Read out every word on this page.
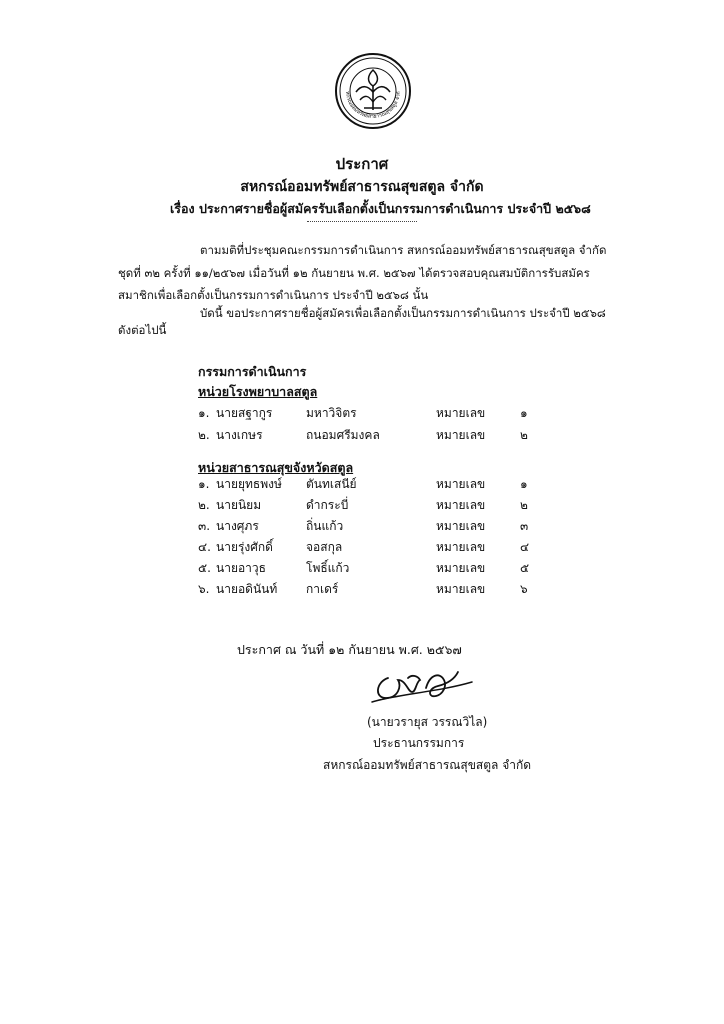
หกรณ์ออมทรัพย์สาธารณสุขสตูล จำกั
ประกาศ
สหกรณ์ออมทรัพย์สาธารณสุขสตูล จำกัด
เรื่อง ประกาศรายชื่อผู้สมัครรับเลือกตั้งเป็นกรรมการดำเนินการ ประจำปี ๒๕๖๘
ตามมติที่ประชุมคณะกรรมการดำเนินการ สหกรณ์ออมทรัพย์สาธารณสุขสตูล จำกัด
ชุดที่ ๓๒ ครั้งที่ ๑๑/๒๕๖๗ เมื่อวันที่ ๑๒ กันยายน พ.ศ. ๒๕๖๗ ได้ตรวจสอบคุณสมบัติการรับสมัคร
สมาชิกเพื่อเลือกตั้งเป็นกรรมการดำเนินการ ประจำปี ๒๕๖๘ นั้น
บัดนี้ ขอประกาศรายชื่อผู้สมัครเพื่อเลือกตั้งเป็นกรรมการดำเนินการ ประจำปี ๒๕๖๘
ดังต่อไปนี้
กรรมการดำเนินการ
หน่วยโรงพยาบาลสตูล
๑. นายสฐากูร	มหาวิจิตร	หมายเลข	๑
๒. นางเกษร	ถนอมศรีมงคล	หมายเลข	๒
หน่วยสาธารณสุขจังหวัดสตูล
๑. นายยุทธพงษ์ ตันทเสนีย์	หมายเลข	๑
๒. นายนิยม	ดำกระบี่	หมายเลข	๒
๓. นางศุภร	ถิ่นแก้ว	หมายเลข	๓
๔. นายรุ่งศักดิ์	จอสกุล	หมายเลข	๔
๕. นายอาวุธ	โพธิ์แก้ว	หมายเลข	๕
๖. นายอดินันท์ กาเดร์	หมายเลข	๖
ประกาศ ณ วันที่ ๑๒ กันยายน พ.ศ. ๒๕๖๗
(นายวรายุส วรรณวิไล)
ประธานกรรมการ
สหกรณ์ออมทรัพย์สาธารณสุขสตูล จำกัด
